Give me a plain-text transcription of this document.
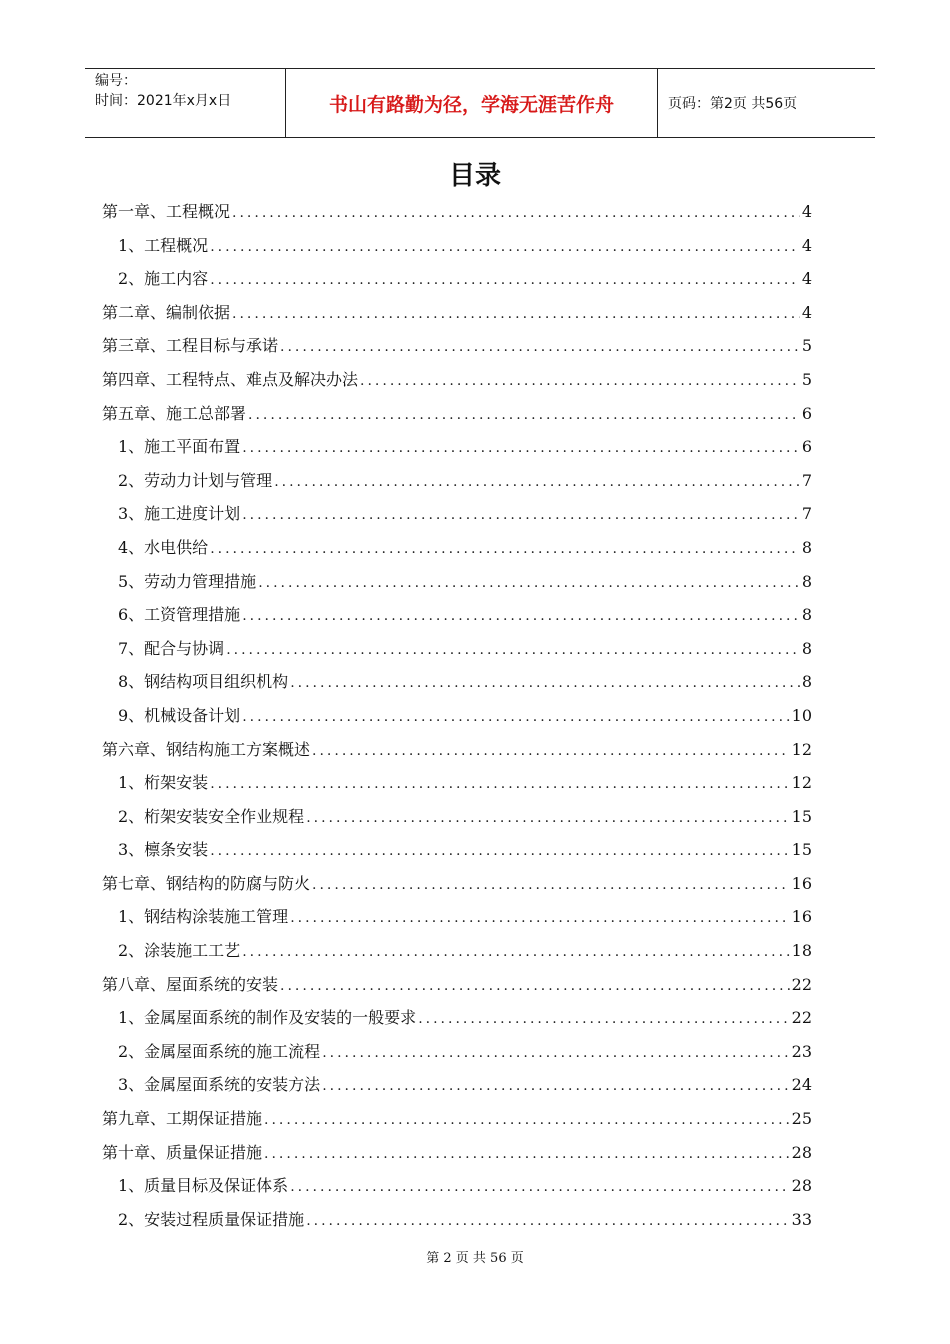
编号：
时间：2021年x月x日	书山有路勤为径，学海无涯苦作舟	页码：第2页 共56页
目录
第一章、工程概况 .....	4
1、工程概况 .....	4
2、施工内容 .....	4
第二章、编制依据 .....	4
第三章、工程目标与承诺 .....	5
第四章、工程特点、难点及解决办法 .....	5
第五章、施工总部署 .....	6
1、施工平面布置 .....	6
2、劳动力计划与管理 .....	7
3、施工进度计划 .....	7
4、水电供给 .....	8
5、劳动力管理措施 .....	8
6、工资管理措施 .....	8
7、配合与协调 .....	8
8、钢结构项目组织机构 .....	8
9、机械设备计划 .....	10
第六章、钢结构施工方案概述 .....	12
1、桁架安装 .....	12
2、桁架安装安全作业规程 .....	15
3、檩条安装 .....	15
第七章、钢结构的防腐与防火 .....	16
1、钢结构涂装施工管理 .....	16
2、涂装施工工艺 .....	18
第八章、屋面系统的安装 .....	22
1、金属屋面系统的制作及安装的一般要求 .....	22
2、金属屋面系统的施工流程 .....	23
3、金属屋面系统的安装方法 .....	24
第九章、工期保证措施 .....	25
第十章、质量保证措施 .....	28
1、质量目标及保证体系 .....	28
2、安装过程质量保证措施 .....	33
第 2 页 共 56 页
